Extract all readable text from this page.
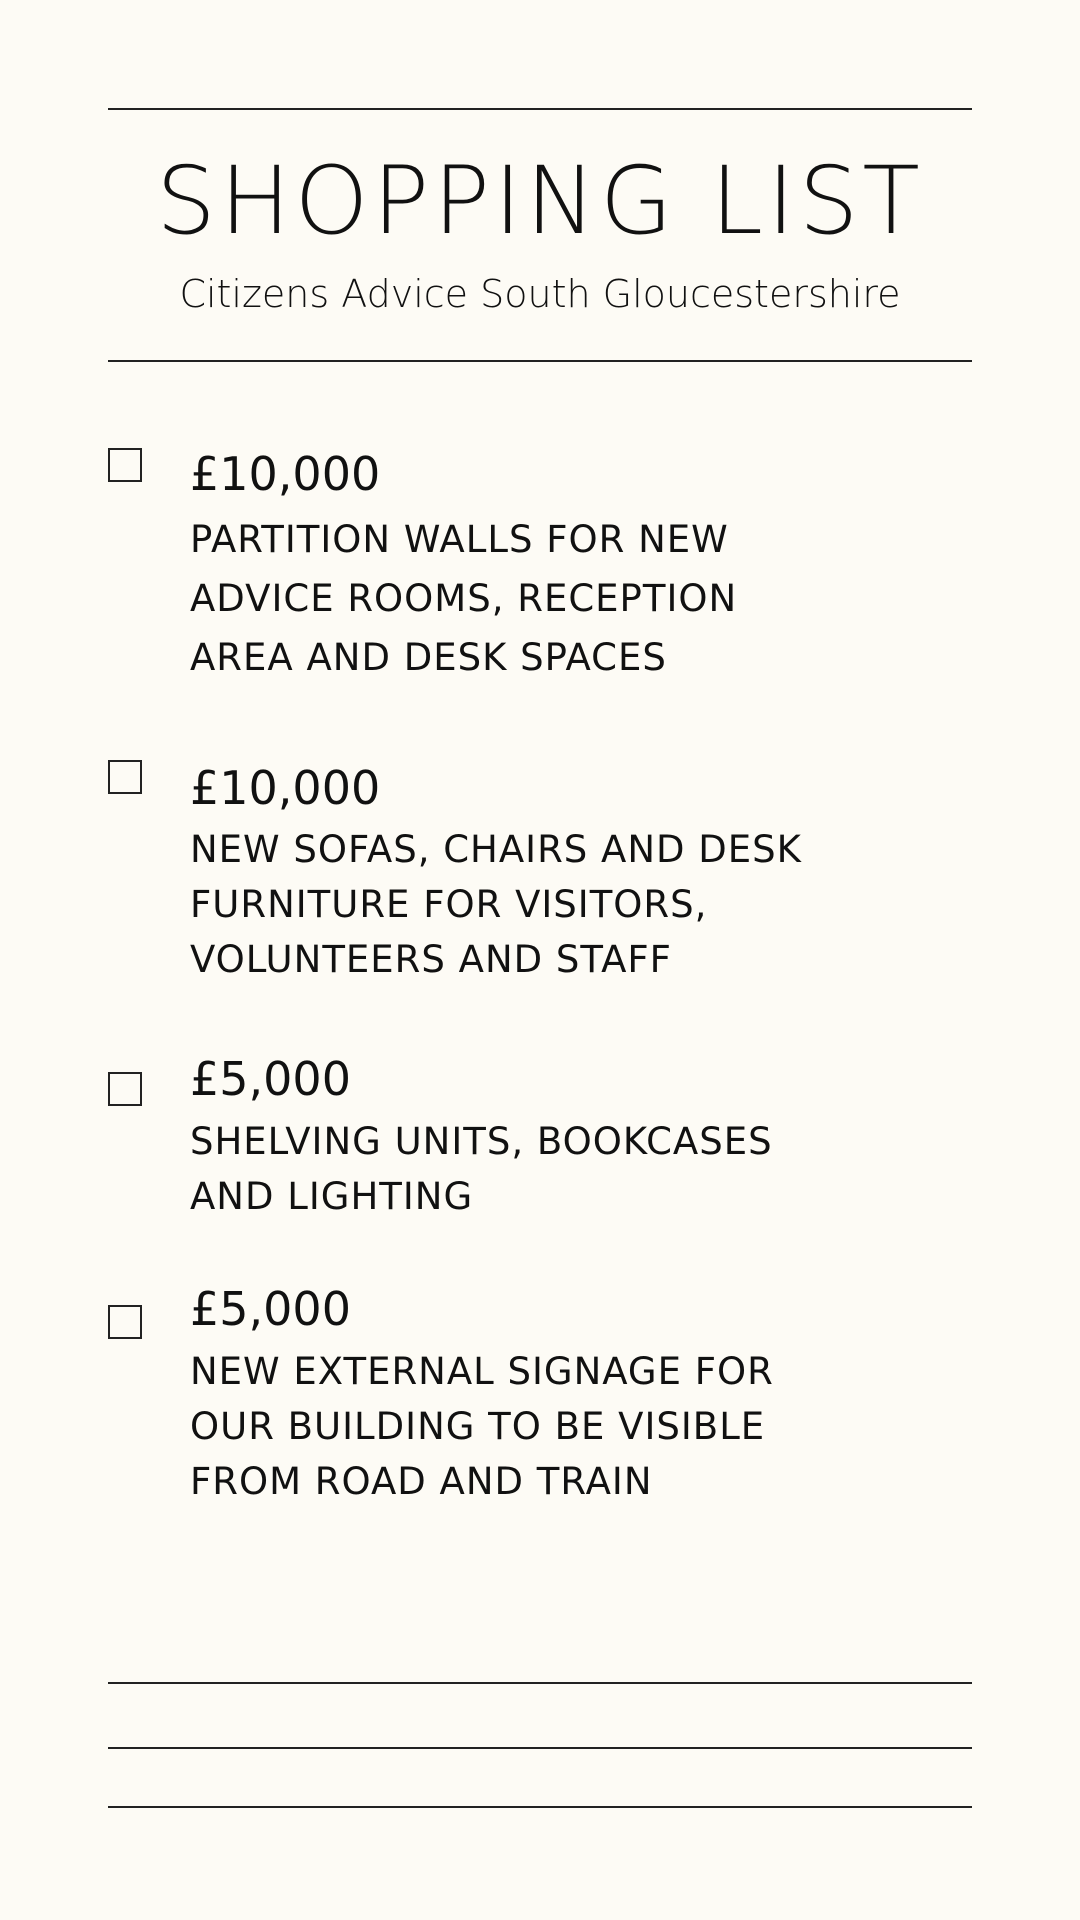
SHOPPING LIST

Citizens Advice South Gloucestershire

£10,000

PARTITION WALLS FOR NEW ADVICE ROOMS, RECEPTION AREA AND DESK SPACES

£10,000

NEW SOFAS, CHAIRS AND DESK FURNITURE FOR VISITORS, VOLUNTEERS AND STAFF

£5,000

SHELVING UNITS, BOOKCASES AND LIGHTING

£5,000

NEW EXTERNAL SIGNAGE FOR OUR BUILDING TO BE VISIBLE FROM ROAD AND TRAIN
